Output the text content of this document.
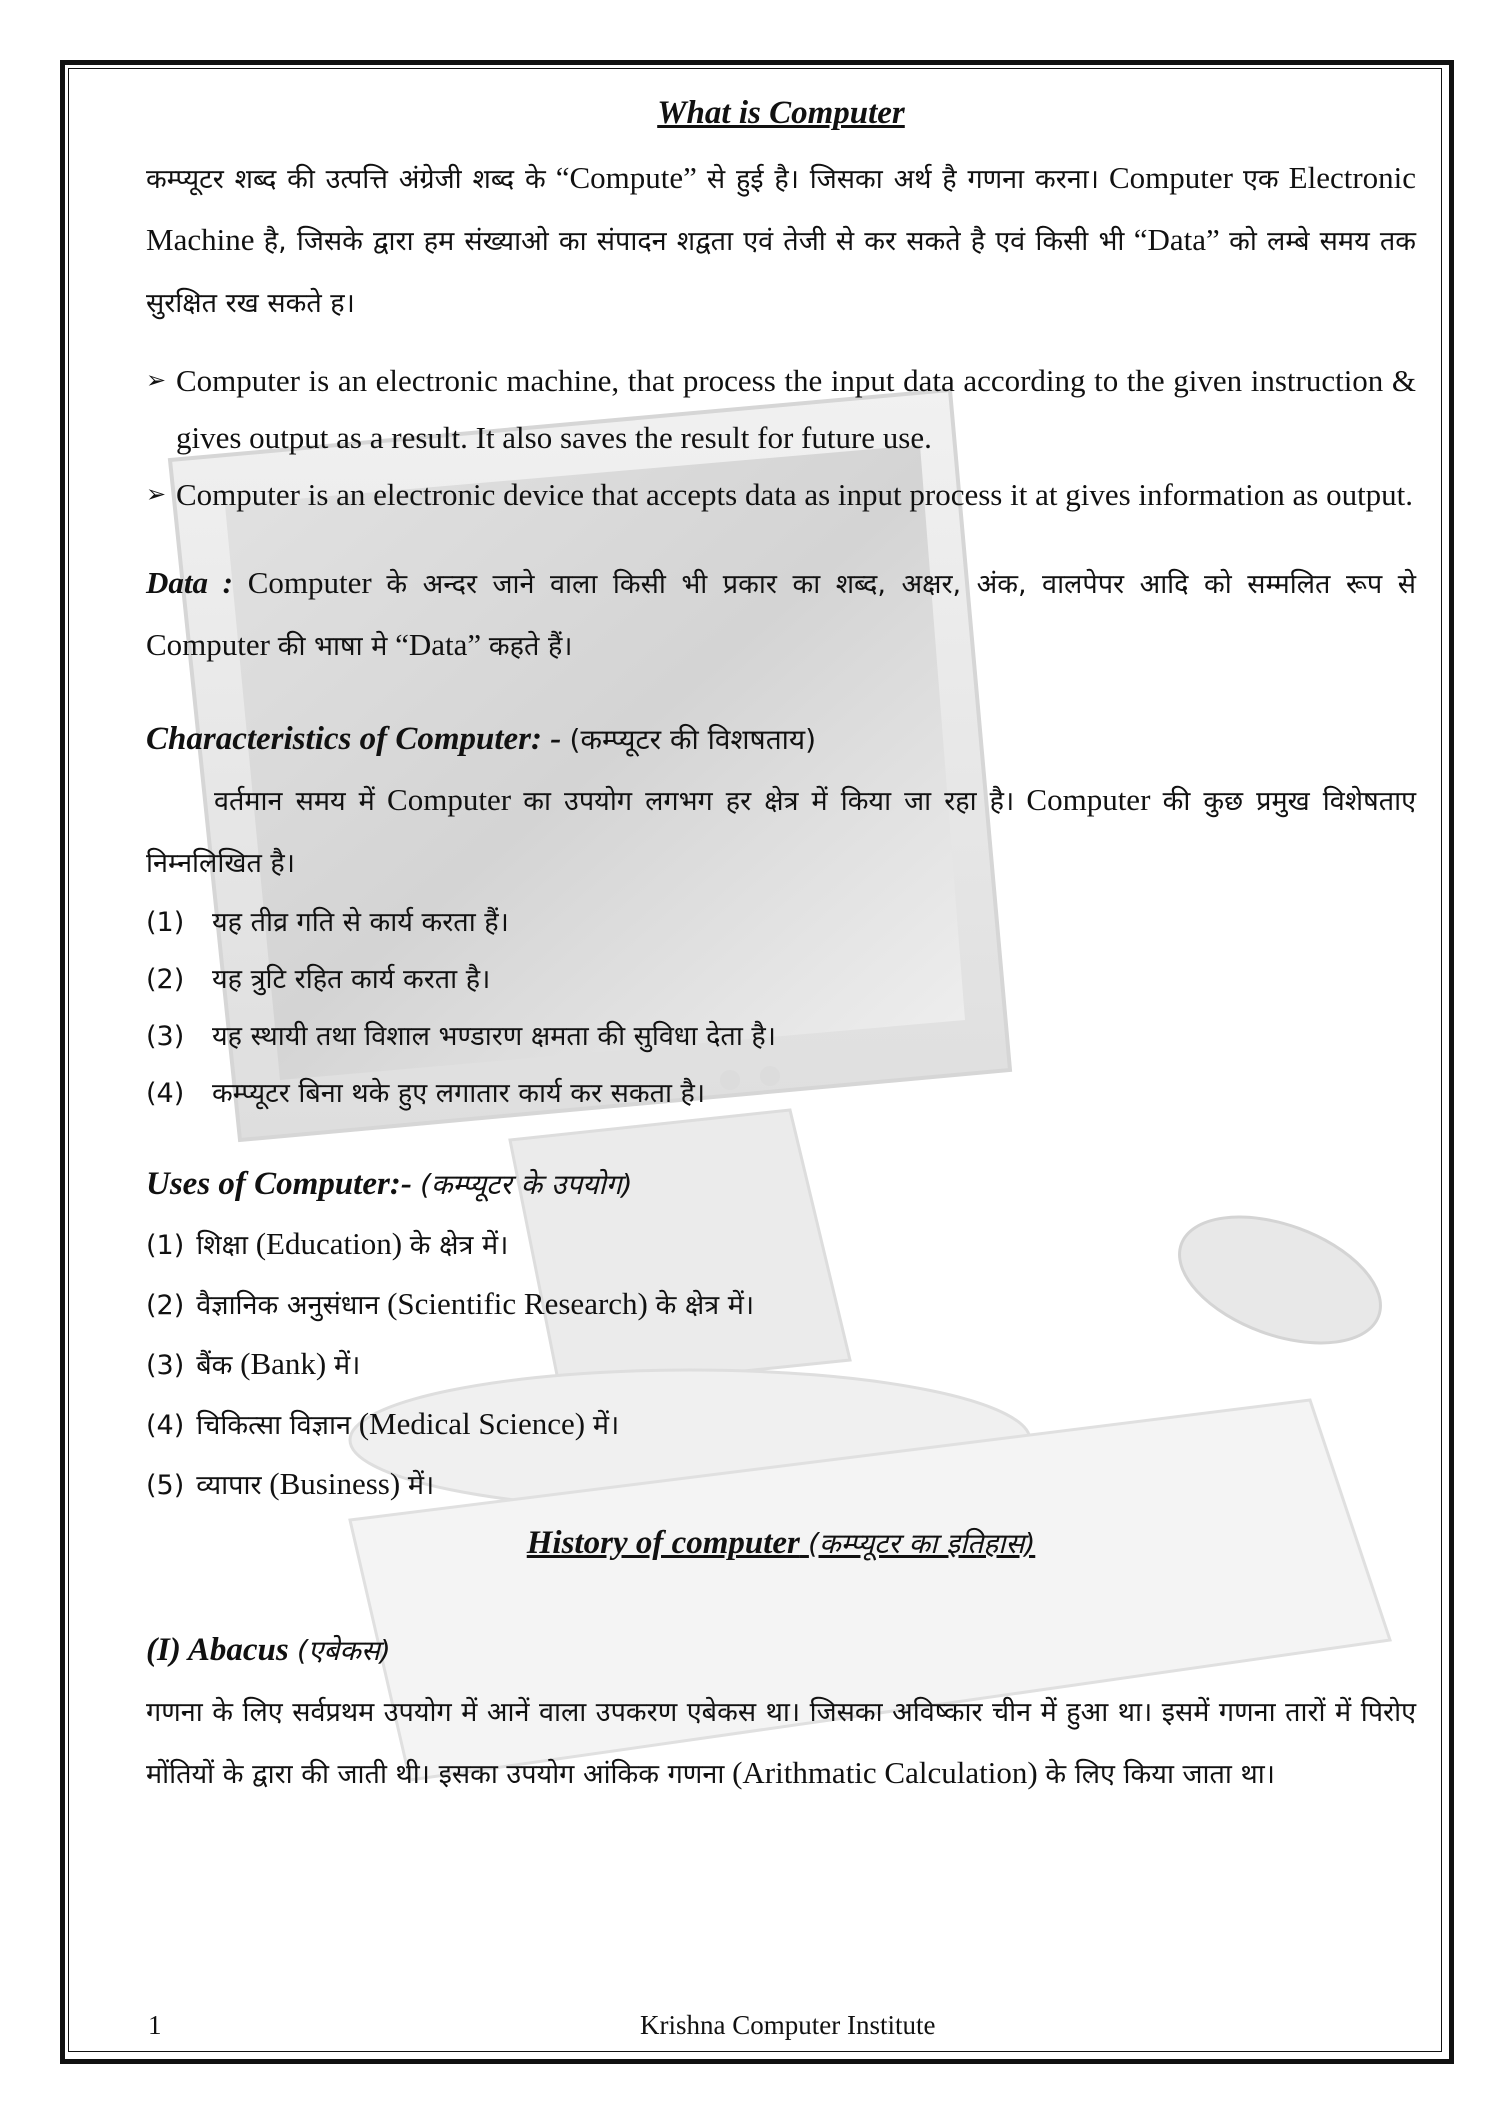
What is Computer

कम्प्यूटर शब्द की उत्पत्ति अंग्रेजी शब्द के “Compute” से हुई है। जिसका अर्थ है गणना करना। Computer एक Electronic Machine है, जिसके द्वारा हम संख्याओ का संपादन शद्वता एवं तेजी से कर सकते है एवं किसी भी “Data” को लम्बे समय तक सुरक्षित रख सकते ह।

➢ Computer is an electronic machine, that process the input data according to the given instruction & gives output as a result. It also saves the result for future use.
➢ Computer is an electronic device that accepts data as input process it at gives information as output.

Data : Computer के अन्दर जाने वाला किसी भी प्रकार का शब्द, अक्षर, अंक, वालपेपर आदि को सम्मलित रूप से Computer की भाषा मे “Data” कहते हैं।

Characteristics of Computer: - (कम्प्यूटर की विशषताय)

वर्तमान समय में Computer का उपयोग लगभग हर क्षेत्र में किया जा रहा है। Computer की कुछ प्रमुख विशेषताए निम्नलिखित है।

(1)	यह तीव्र गति से कार्य करता हैं।
(2)	यह त्रुटि रहित कार्य करता है।
(3)	यह स्थायी तथा विशाल भण्डारण क्षमता की सुविधा देता है।
(4)	कम्प्यूटर बिना थके हुए लगातार कार्य कर सकता है।
Uses of Computer:- (कम्प्यूटर के उपयोग)
(1) शिक्षा (Education) के क्षेत्र में।
(2) वैज्ञानिक अनुसंधान (Scientific Research) के क्षेत्र में।
(3) बैंक (Bank) में।
(4) चिकित्सा विज्ञान (Medical Science) में।
(5) व्यापार (Business) में।
History of computer (कम्प्यूटर का इतिहास)
(I) Abacus (एबेकस)

गणना के लिए सर्वप्रथम उपयोग में आनें वाला उपकरण एबेकस था। जिसका अविष्कार चीन में हुआ था। इसमें गणना तारों में पिरोए मोंतियों के द्वारा की जाती थी। इसका उपयोग आंकिक गणना (Arithmatic Calculation) के लिए किया जाता था।

1	Krishna Computer Institute
